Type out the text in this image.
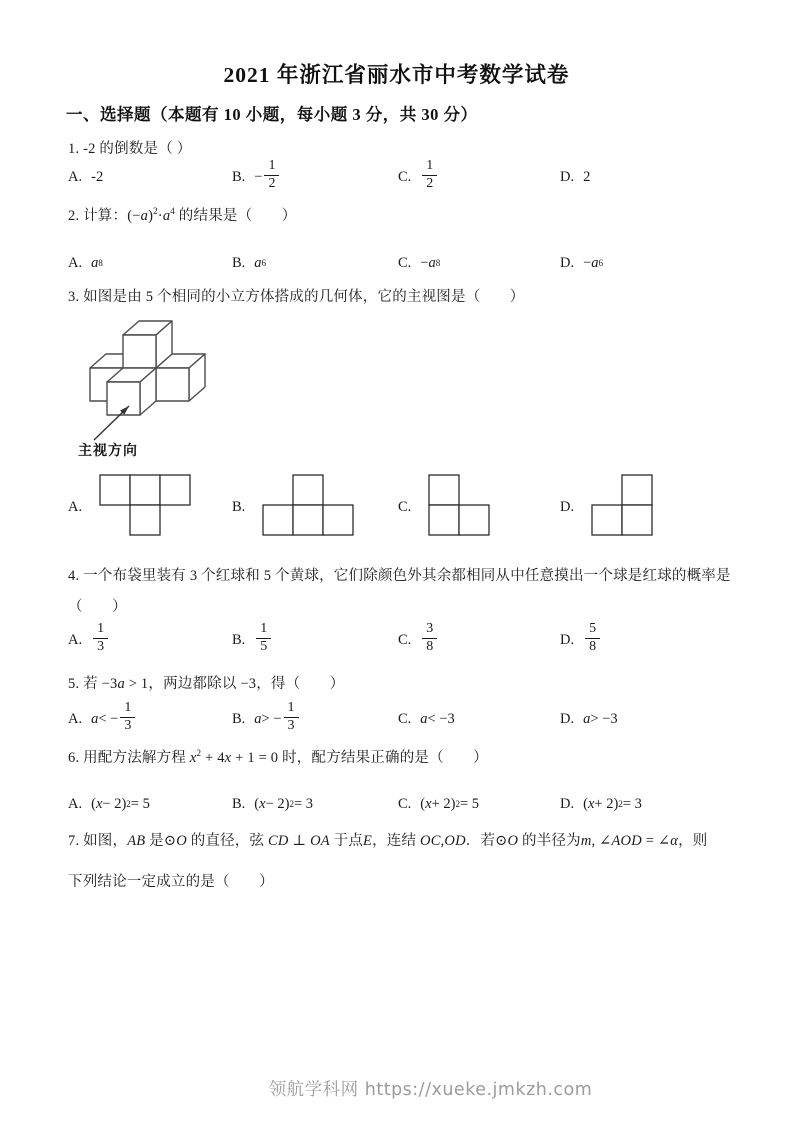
2021 年浙江省丽水市中考数学试卷
一、选择题（本题有 10 小题，每小题 3 分，共 30 分）
1. -2 的倒数是（ ）
A. -2	B. − $\frac{1}{2}$	C. $\frac{1}{2}$	D. 2
2. 计算：$(-a)^2\cdot a^4$ 的结果是（　　）
A. a 8	B. a 6	C. − a 8	D. − a 6
3. 如图是由 5 个相同的小立方体搭成的几何体，它的主视图是（　　）
主视方向
A.	B.	C.	D.
4. 一个布袋里装有 3 个红球和 5 个黄球，它们除颜色外其余都相同从中任意摸出一个球是红球的概率是
（　　）
A. $\frac{1}{3}$	B. $\frac{1}{5}$	C. $\frac{3}{8}$	D. $\frac{5}{8}$
5. 若 −3a > 1，两边都除以 −3，得（　　）
A. a < − $\frac{1}{3}$	B. a > − $\frac{1}{3}$	C. a < −3	D. a > −3
6. 用配方法解方程 $x^2 + 4x + 1 = 0$ 时，配方结果正确的是（　　）
A. ( x − 2) 2 = 5	B. ( x − 2) 2 = 3	C. ( x + 2) 2 = 5	D. ( x + 2) 2 = 3
7. 如图，AB 是⊙O 的直径，弦 CD ⊥ OA 于点E，连结 OC,OD．若⊙O 的半径为m, ∠AOD = ∠α，则
下列结论一定成立的是（　　）
领航学科网 https://xueke.jmkzh.com
